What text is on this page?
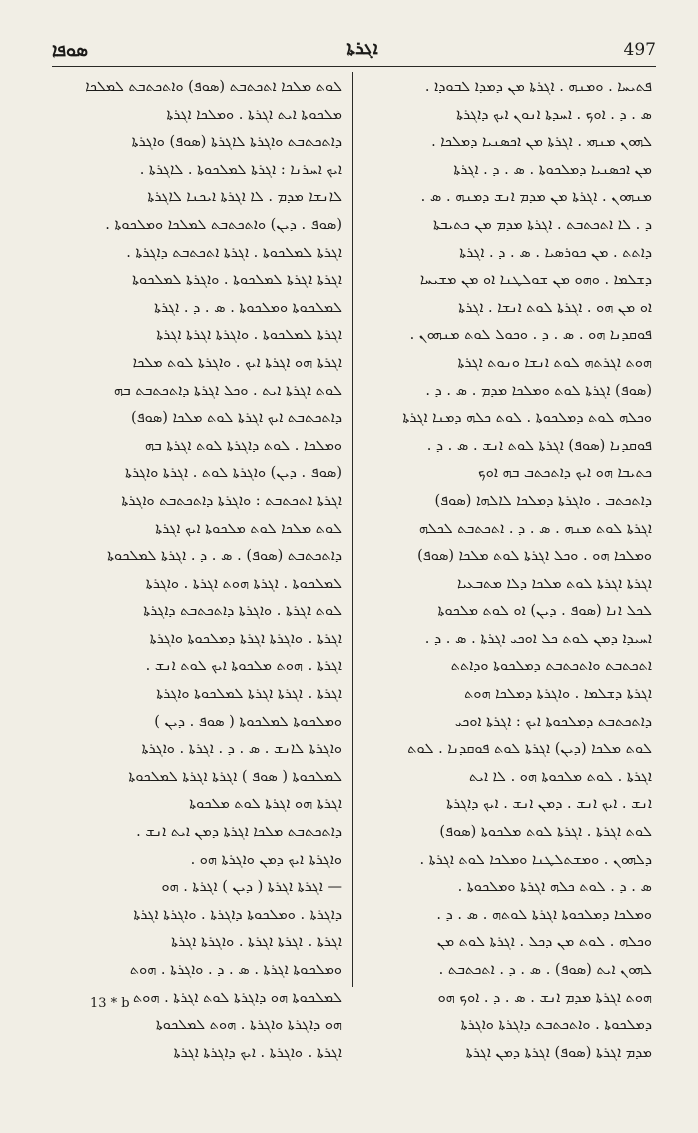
ܣܘܦܐ	ܐܓܪܬܐ	497
ܦܬܝܚܐ . ܘܡܢܗ . ܐܓܪܬܐ ܡܢ ܕܡܕܐ ܠܒܘܕܐ .
ܣ . ܕ . ܐܘܟ . ܐܚܕܬܐ ܐܢܘܢ ܐܝܟ ܕܐܓܪܬܐ
ܠܗܘܢ ܡܢܗܝ . ܐܓܪܬܐ ܡܢ ܐܟܣܢܝܐ ܕܡܠܟܐ .
ܡܢ ܐܟܣܢܝܐ ܕܡܠܟܘܬܐ . ܣ . ܕ . ܐܓܪܬܐ
ܡܢܗܘܢ . ܐܓܪܬܐ ܡܢ ܡܕܡ ܐܢܫ ܕܡܢܗ . ܣ .
ܕ . ܠܐ ܐܬܟܬܒܬ . ܐܓܪܬܐ ܡܕܡ ܡܢ ܟܬܝܒܬܐ
ܕܐܬܬ . ܡܢ ܟܘܪܣܝܐ . ܣ . ܕ . ܐܓܪܬܐ
ܕܫܠܡܐ . ܘܗܘ ܡܢ ܫܘܠܛܢܐ ܐܘ ܡܢ ܡܫܝܚܐ
ܐܘ ܡܢ ܗܘ . ܐܓܪܬܐ ܠܘܬ ܐܢܫܐ . ܐܓܪܬܐ
ܦܘܩܕܢܐ ܗܘ . ܣ . ܕ . ܘܟܘܠ ܠܘܬ ܡܢܗܘܢ .
ܗܘܬ ܐܓܪܬܗ ܠܘܬ ܐܢܫܐ ܘܢܘܬ ܐܓܪܬܐ
(ܣܘܦ) ܐܓܪܬܐ ܠܘܬ ܘܡܠܟܐ ܡܕܡ . ܣ . ܕ .
ܘܟܠܗ ܠܘܬ ܕܡܠܟܘܬܐ . ܠܘܬ ܟܠܗ ܕܡܢܐ ܐܓܪܬܐ
ܦܘܩܕܢܐ (ܣܘܦ) ܐܓܪܬܐ ܠܘܬ ܐܢܫ . ܣ . ܕ .
ܟܬܝܒܐ ܗܘ ܐܝܟ ܕܐܬܟܬܒ ܒܗ ܐܘܟ
ܕܐܬܟܬܒ . ܘܐܓܪܬܐ ܕܡܠܟܐ ܠܐܠܗܐ (ܣܘܦ)
ܐܓܪܬܐ ܠܘܬ ܡܢܗ . ܣ . ܕ . ܐܬܟܬܒܬ ܠܟܠܗ
ܘܡܠܟܐ ܗܘ . ܘܟܠ ܐܓܪܬܐ ܠܘܬ ܡܠܟܐ (ܣܘܦ)
ܐܓܪܬܐ ܐܓܪܬܐ ܠܘܬ ܡܠܟܐ ܕܠܐ ܡܬܒܥܝܐ
ܠܟܠ ܐܢܐ (ܣܘܦ . ܕܝܢ) ܐܘ ܠܘܬ ܡܠܟܘܬܐ
ܐܚܝܕܐ ܕܡܢ ܠܘܬ ܟܠ ܐܘܟܝ ܐܓܪܬܐ . ܣ . ܕ .
ܐܬܟܬܒܬ ܘܐܬܟܬܒܬ ܕܡܠܟܘܬܐ ܘܕܐܬܬ
ܐܓܪܬܐ ܕܫܠܡܐ . ܘܐܓܪܬܐ ܕܡܠܟܐ ܗܘܬ
ܕܐܬܟܬܒܬ ܕܡܠܟܘܬܐ ܐܝܟ : ܐܓܪܬܐ ܐܘܟܝ
ܠܘܬ ܡܠܟܐ (ܕܝܢ) ܐܓܪܬܐ ܠܘܬ ܦܘܩܕܢܐ . ܠܘܬ
ܐܓܪܬܐ . ܠܘܬ ܡܠܟܘܬܐ ܗܘ . ܠܐ ܐܝܬ
ܐܢܫ . ܐܝܟ ܐܢܫ . ܕܡܢ ܐܢܫ . ܐܝܟ ܕܐܓܪܬܐ
ܠܘܬ ܐܓܪܬܐ . ܐܓܪܬܐ ܠܘܬ ܡܠܟܘܬܐ (ܣܘܦ)
ܕܠܗܘܢ . ܘܡܫܬܠܛܢܐ ܘܡܠܟܐ ܠܘܬ ܐܓܪܬܐ .
ܣ . ܕ . ܠܘܬ ܟܠܗ ܐܓܪܬܐ ܘܡܠܟܘܬܐ .
ܘܡܠܟܐ ܕܡܠܟܘܬܐ ܐܓܪܬܐ ܠܘܬܗ . ܣ . ܕ .
ܘܟܠܗ . ܠܘܬ ܡܢ ܕܟܠ . ܐܓܪܬܐ ܠܘܬ ܡܢ
ܠܗܘܢ ܐܝܬ (ܣܘܦ) . ܣ . ܕ . ܐܬܟܬܒܬ .
ܗܘܬ ܐܓܪܬܐ ܡܕܡ ܐܢܫ . ܣ . ܕ . ܐܘܟ ܗܘ
ܕܡܠܟܘܬܐ . ܘܐܬܟܬܒܬ ܕܐܓܪܬܐ ܘܐܓܪܬܐ
ܡܕܡ ܐܓܪܬܐ (ܣܘܦ) ܐܓܪܬܐ ܕܡܢ ܐܓܪܬܐ
ܠܘܬ ܡܠܟܐ ܐܬܟܬܒܬ (ܣܘܦ) ܘܐܬܟܬܒܬ ܠܡܠܟܐ
ܡܠܟܘܬܐ ܐܝܬ ܐܓܪܬܐ . ܘܡܠܟܐ ܐܓܪܬܐ
ܕܐܬܟܬܒܬ ܘܐܓܪܬܐ ܠܐܓܪܬܐ (ܣܘܦ) ܘܐܓܪܬܐ
ܐܝܟ ܐܚܪܢܐ : ܐܓܪܬܐ ܠܡܠܟܘܬܐ . ܠܐܓܪܬܐ .
ܠܐܢܫܐ ܡܕܡ . ܠܐ ܐܓܪܬܐ ܐܝܟܢܐ ܠܐܓܪܬܐ
(ܣܘܦ . ܕܝܢ) ܘܐܬܟܬܒܬ ܠܡܠܟܐ ܘܡܠܟܘܬܐ .
ܐܓܪܬܐ ܠܡܠܟܘܬܐ . ܐܓܪܬܐ ܐܬܟܬܒܬ ܕܐܓܪܬܐ .
ܐܓܪܬܐ ܐܓܪܬܐ ܠܡܠܟܘܬܐ . ܘܐܓܪܬܐ ܠܡܠܟܘܬܐ
ܠܡܠܟܘܬܐ ܘܡܠܟܘܬܐ . ܣ . ܕ . ܐܓܪܬܐ
ܐܓܪܬܐ ܠܡܠܟܘܬܐ . ܘܐܓܪܬܐ ܐܓܪܬܐ ܐܓܪܬܐ
ܐܓܪܬܐ ܗܘ ܐܓܪܬܐ ܐܝܟ . ܘܐܓܪܬܐ ܠܘܬ ܡܠܟܐ
ܠܘܬ ܐܓܪܬܐ ܐܝܬ . ܘܟܠ ܐܓܪܬܐ ܕܐܬܟܬܒܬ ܒܗ
ܕܐܬܟܬܒܬ ܐܝܟ ܐܓܪܬܐ ܠܘܬ ܡܠܟܐ (ܣܘܦ)
ܘܡܠܟܐ . ܠܘܬ ܕܐܓܪܬܐ ܠܘܬ ܐܓܪܬܐ ܒܗ
(ܣܘܦ . ܕܝܢ) ܘܐܓܪܬܐ ܠܘܬ . ܐܓܪܬܐ ܘܐܓܪܬܐ
ܐܓܪܬܐ ܐܬܟܬܒܬ : ܘܐܓܪܬܐ ܕܐܬܟܬܒܬ ܘܐܓܪܬܐ
ܠܘܬ ܡܠܟܐ ܠܘܬ ܡܠܟܘܬܐ ܐܝܟ ܐܓܪܬܐ
ܕܐܬܟܬܒܬ (ܣܘܦ) . ܣ . ܕ . ܐܓܪܬܐ ܠܡܠܟܘܬܐ
ܠܡܠܟܘܬܐ . ܐܓܪܬܐ ܗܘܬ ܐܓܪܬܐ . ܘܐܓܪܬܐ
ܠܘܬ ܐܓܪܬܐ . ܘܐܓܪܬܐ ܕܐܬܟܬܒܬ ܕܐܓܪܬܐ
ܐܓܪܬܐ . ܘܐܓܪܬܐ ܐܓܪܬܐ ܕܡܠܟܘܬܐ ܘܐܓܪܬܐ
ܐܓܪܬܐ . ܗܘܬ ܡܠܟܘܬܐ ܐܝܟ ܠܘܬ ܐܢܫ .
ܐܓܪܬܐ . ܐܓܪܬܐ ܐܓܪܬܐ ܠܡܠܟܘܬܐ ܘܐܓܪܬܐ
ܘܡܠܟܘܬܐ ܠܡܠܟܘܬܐ ( ܣܘܦ . ܕܝܢ )
ܘܐܓܪܬܐ ܠܐܢܫ . ܣ . ܕ . ܐܓܪܬܐ . ܘܐܓܪܬܐ
ܠܡܠܟܘܬܐ ( ܣܘܦ ) ܐܓܪܬܐ ܐܓܪܬܐ ܠܡܠܟܘܬܐ
ܐܓܪܬܐ ܗܘ ܐܓܪܬܐ ܠܘܬ ܡܠܟܘܬܐ
ܕܐܬܟܬܒܬ ܡܠܟܐ ܐܓܪܬܐ ܕܡܢ ܐܝܬ ܐܢܫ .
ܘܐܓܪܬܐ ܐܝܟ ܕܡܢ ܘܐܓܪܬܐ ܗܘ .
— ܐܓܪܬܐ ܐܓܪܬܐ ( ܕܝܢ ) ܐܓܪܬܐ . ܗܘ
ܕܐܓܪܬܐ . ܘܡܠܟܘܬܐ ܕܐܓܪܬܐ . ܘܐܓܪܬܐ ܐܓܪܬܐ
ܐܓܪܬܐ . ܐܓܪܬܐ ܐܓܪܬܐ . ܘܐܓܪܬܐ ܐܓܪܬܐ
ܘܡܠܟܘܬܐ ܐܓܪܬܐ . ܣ . ܕ . ܘܐܓܪܬܐ . ܗܘܬ
ܠܡܠܟܘܬܐ ܗܘ ܕܐܓܪܬܐ ܠܘܬ ܐܓܪܬܐ . ܗܘܬ
ܗܘ ܕܐܓܪܬܐ ܘܐܓܪܬܐ . ܗܘܬ ܠܡܠܟܘܬܐ
ܐܓܪܬܐ . ܘܐܓܪܬܐ . ܐܝܟ ܕܐܓܪܬܐ ܐܓܪܬܐ
13 * b
